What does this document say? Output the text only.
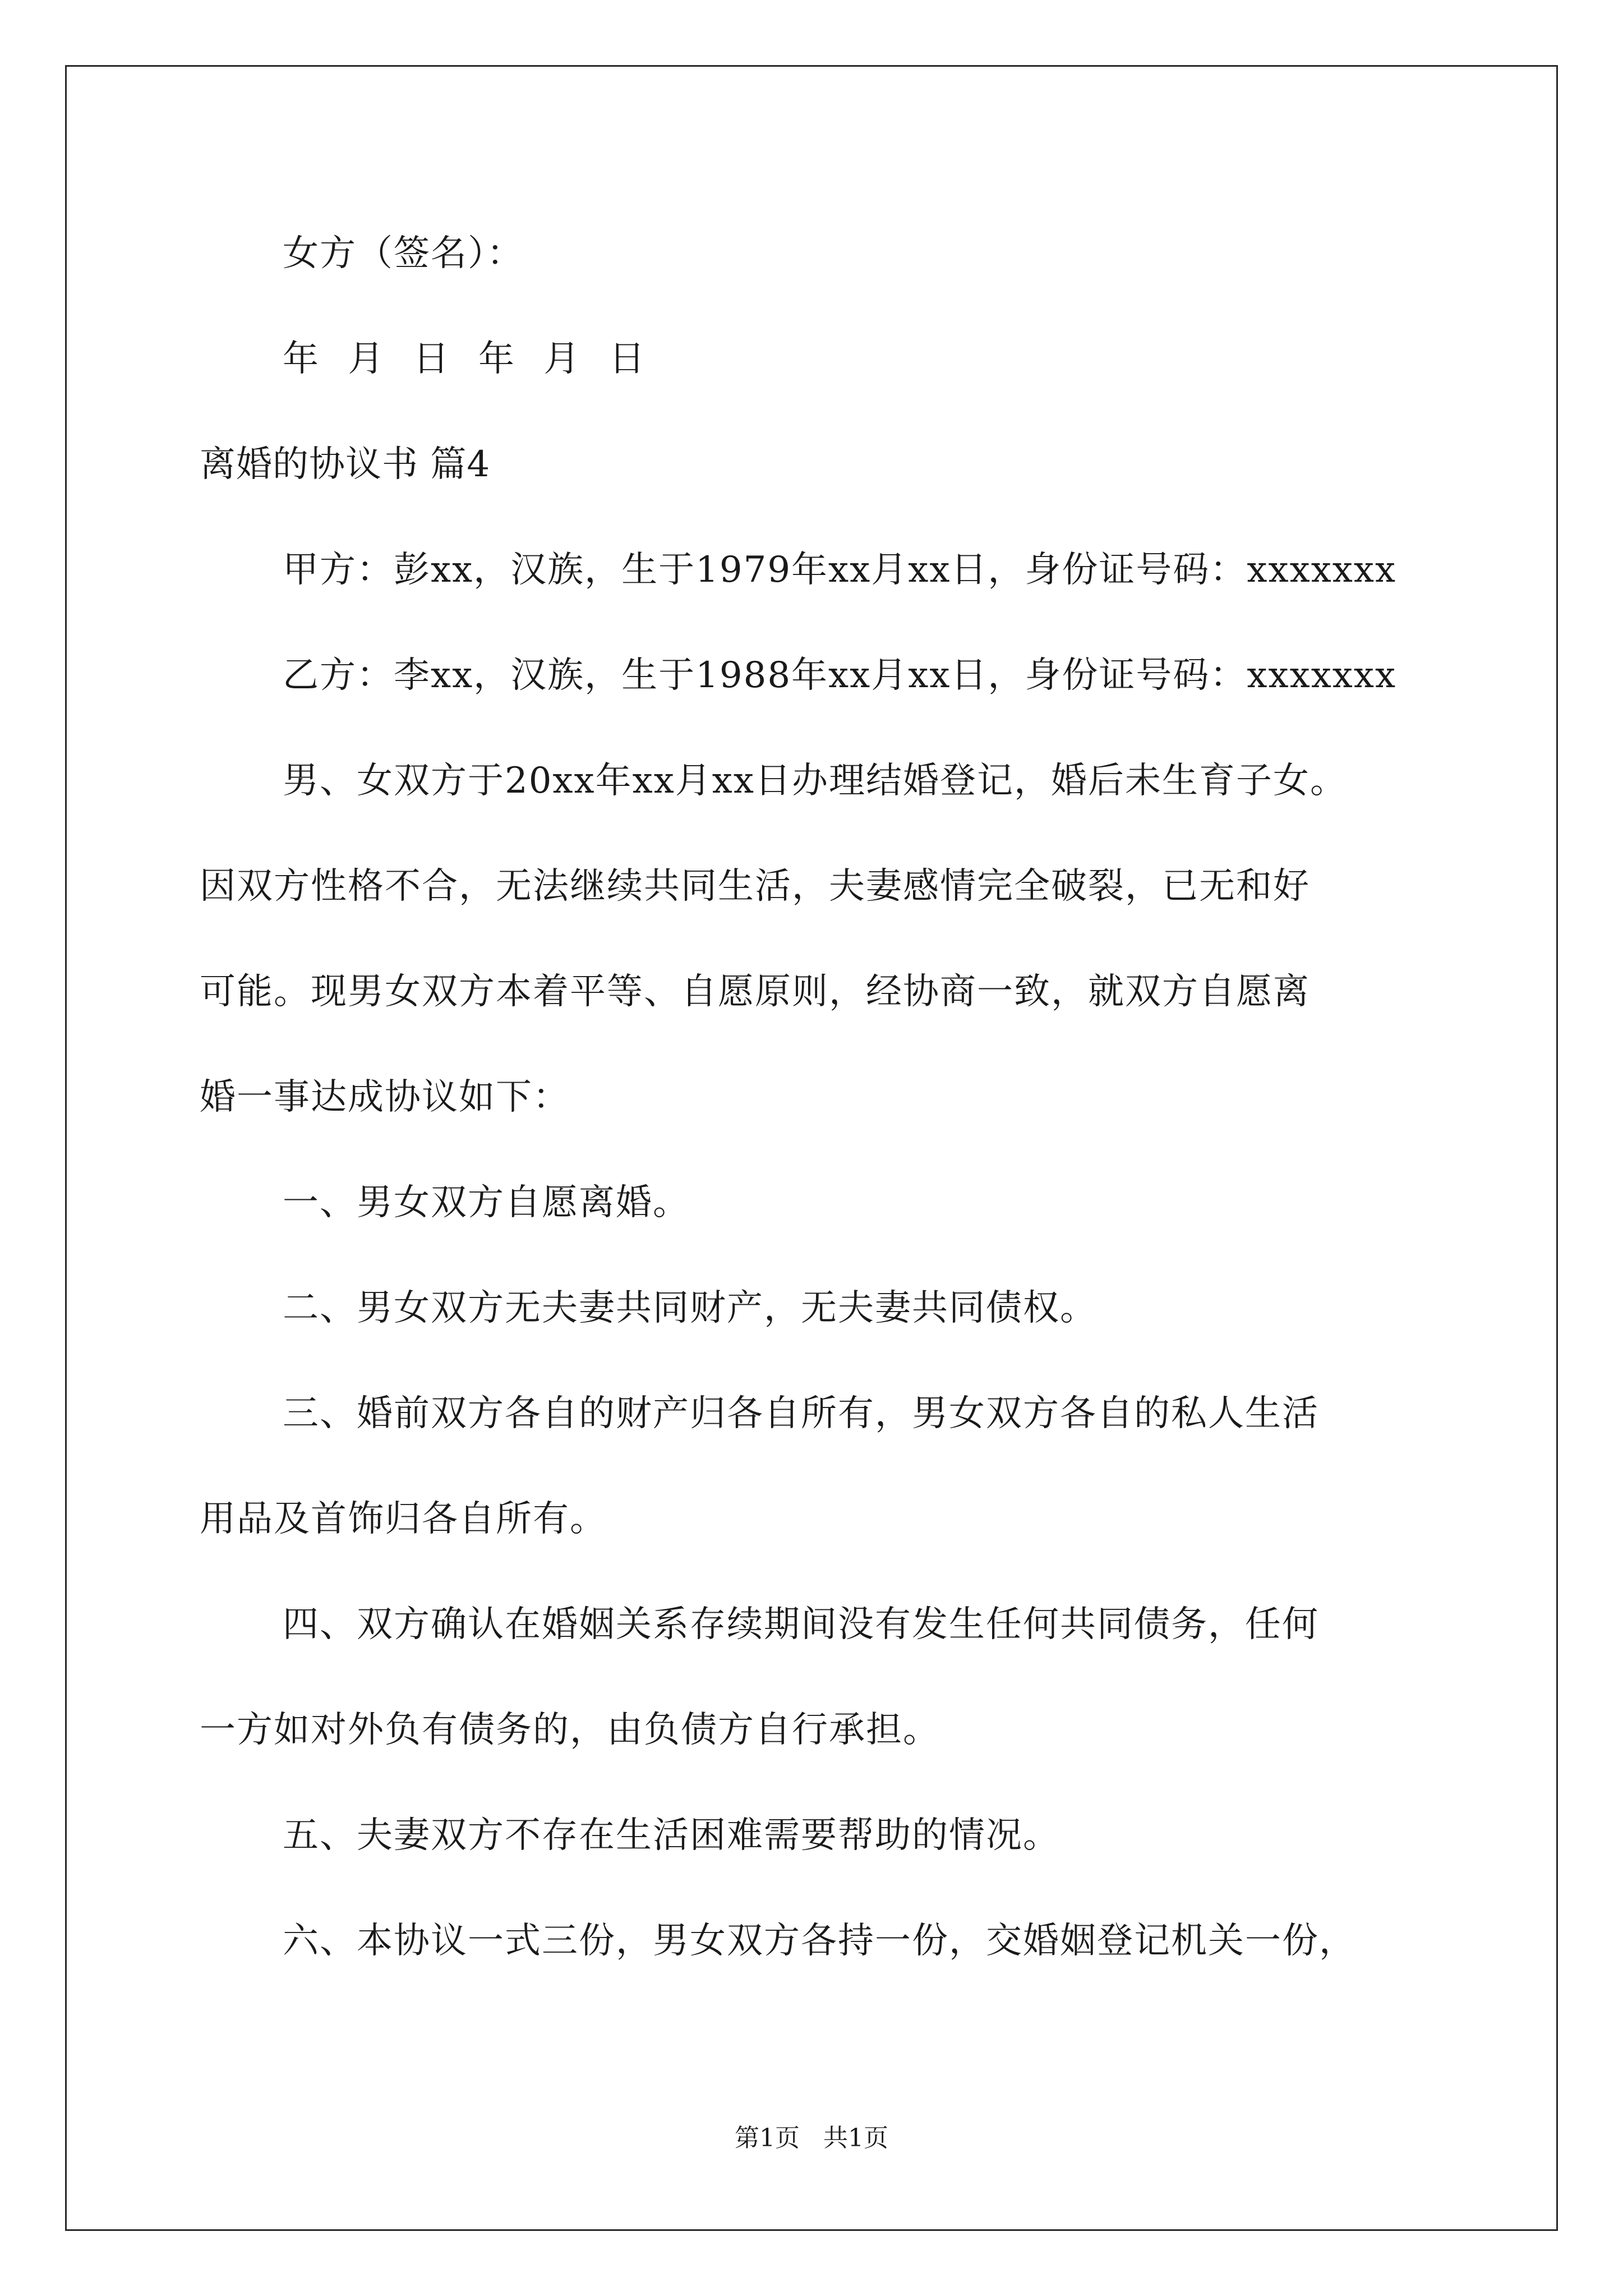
女方（签名）：
年 月 日 年 月 日
离婚的协议书 篇4
甲方：彭xx，汉族，生于1979年xx月xx日，身份证号码：xxxxxxx
乙方：李xx，汉族，生于1988年xx月xx日，身份证号码：xxxxxxx
男、女双方于20xx年xx月xx日办理结婚登记，婚后未生育子女。
因双方性格不合，无法继续共同生活，夫妻感情完全破裂，已无和好
可能。现男女双方本着平等、自愿原则，经协商一致，就双方自愿离
婚一事达成协议如下：
一、男女双方自愿离婚。
二、男女双方无夫妻共同财产，无夫妻共同债权。
三、婚前双方各自的财产归各自所有，男女双方各自的私人生活
用品及首饰归各自所有。
四、双方确认在婚姻关系存续期间没有发生任何共同债务，任何
一方如对外负有债务的，由负债方自行承担。
五、夫妻双方不存在生活困难需要帮助的情况。
六、本协议一式三份，男女双方各持一份，交婚姻登记机关一份，
第1页 共1页
